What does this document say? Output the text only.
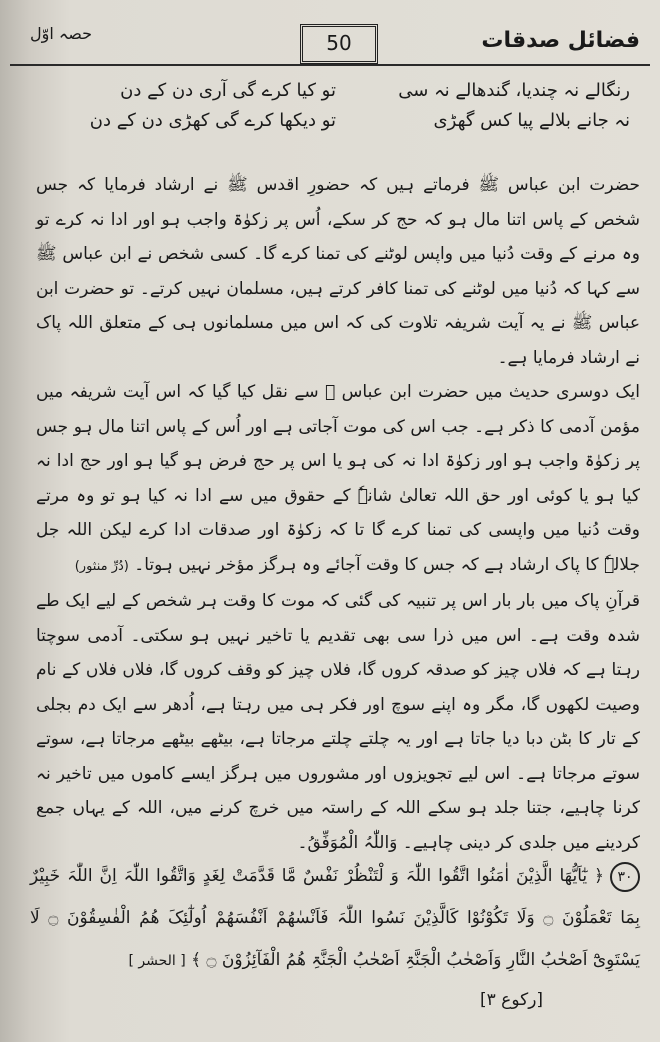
حصہ اوّل	50	فضائل صدقات
رنگالے نہ چندیا، گندھالے نہ سی
نہ جانے بلالے پیا کس گھڑی
تو کیا کرے گی آری دن کے دن
تو دیکھا کرے گی کھڑی دن کے دن

حضرت ابن عباس ﷺ فرماتے ہیں کہ حضورِ اقدس ﷺ نے ارشاد فرمایا کہ جس شخص کے پاس اتنا مال ہو کہ حج کر سکے، اُس پر زکوٰۃ واجب ہو اور ادا نہ کرے تو وہ مرنے کے وقت دُنیا میں واپس لوٹنے کی تمنا کرے گا۔ کسی شخص نے ابن عباس ﷺ سے کہا کہ دُنیا میں لوٹنے کی تمنا کافر کرتے ہیں، مسلمان نہیں کرتے۔ تو حضرت ابن عباس ﷺ نے یہ آیت شریفہ تلاوت کی کہ اس میں مسلمانوں ہی کے متعلق اللہ پاک نے ارشاد فرمایا ہے۔

ایک دوسری حدیث میں حضرت ابن عباس ﷺ سے نقل کیا گیا کہ اس آیت شریفہ میں مؤمن آدمی کا ذکر ہے۔ جب اس کی موت آجاتی ہے اور اُس کے پاس اتنا مال ہو جس پر زکوٰۃ واجب ہو اور زکوٰۃ ادا نہ کی ہو یا اس پر حج فرض ہو گیا ہو اور حج ادا نہ کیا ہو یا کوئی اور حق اللہ تعالیٰ شانہٗ کے حقوق میں سے ادا نہ کیا ہو تو وہ مرتے وقت دُنیا میں واپسی کی تمنا کرے گا تا کہ زکوٰۃ اور صدقات ادا کرے لیکن اللہ جل جلالہٗ کا پاک ارشاد ہے کہ جس کا وقت آجائے وہ ہرگز مؤخر نہیں ہوتا۔ (دُرِّ منثور)

قرآنِ پاک میں بار بار اس پر تنبیہ کی گئی کہ موت کا وقت ہر شخص کے لیے ایک طے شدہ وقت ہے۔ اس میں ذرا سی بھی تقدیم یا تاخیر نہیں ہو سکتی۔ آدمی سوچتا رہتا ہے کہ فلاں چیز کو صدقہ کروں گا، فلاں چیز کو وقف کروں گا، فلاں فلاں کے نام وصیت لکھوں گا، مگر وہ اپنے سوچ اور فکر ہی میں رہتا ہے، اُدھر سے ایک دم بجلی کے تار کا بٹن دبا دیا جاتا ہے اور یہ چلتے چلتے مرجاتا ہے، بیٹھے بیٹھے مرجاتا ہے، سوتے سوتے مرجاتا ہے۔ اس لیے تجویزوں اور مشوروں میں ہرگز ایسے کاموں میں تاخیر نہ کرنا چاہیے، جتنا جلد ہو سکے اللہ کے راستہ میں خرچ کرنے میں، اللہ کے یہاں جمع کردینے میں جلدی کر دینی چاہیے۔ وَاللّٰہُ الْمُوَفِّقُ۔

۳۰﴿ یٰٓاَیُّھَا الَّذِیْنَ اٰمَنُوا اتَّقُوا اللّٰہَ وَ لْتَنْظُرْ نَفْسٌ مَّا قَدَّمَتْ لِغَدٍ وَاتَّقُوا اللّٰہَ اِنَّ اللّٰہَ خَبِیْرٌ بِمَا تَعْمَلُوْنَ ۝ وَلَا تَکُوْنُوْا کَالَّذِیْنَ نَسُوا اللّٰہَ فَاَنْسٰھُمْ اَنْفُسَھُمْ اُولٰٓئِکَ ھُمُ الْفٰسِقُوْنَ ۝ لَا یَسْتَوِیْٓ اَصْحٰبُ النَّارِ وَاَصْحٰبُ الْجَنَّۃِ اَصْحٰبُ الْجَنَّۃِ ھُمُ الْفَآئِزُوْنَ ۝ ﴾ [ الحشر ]
[رکوع ۳]
